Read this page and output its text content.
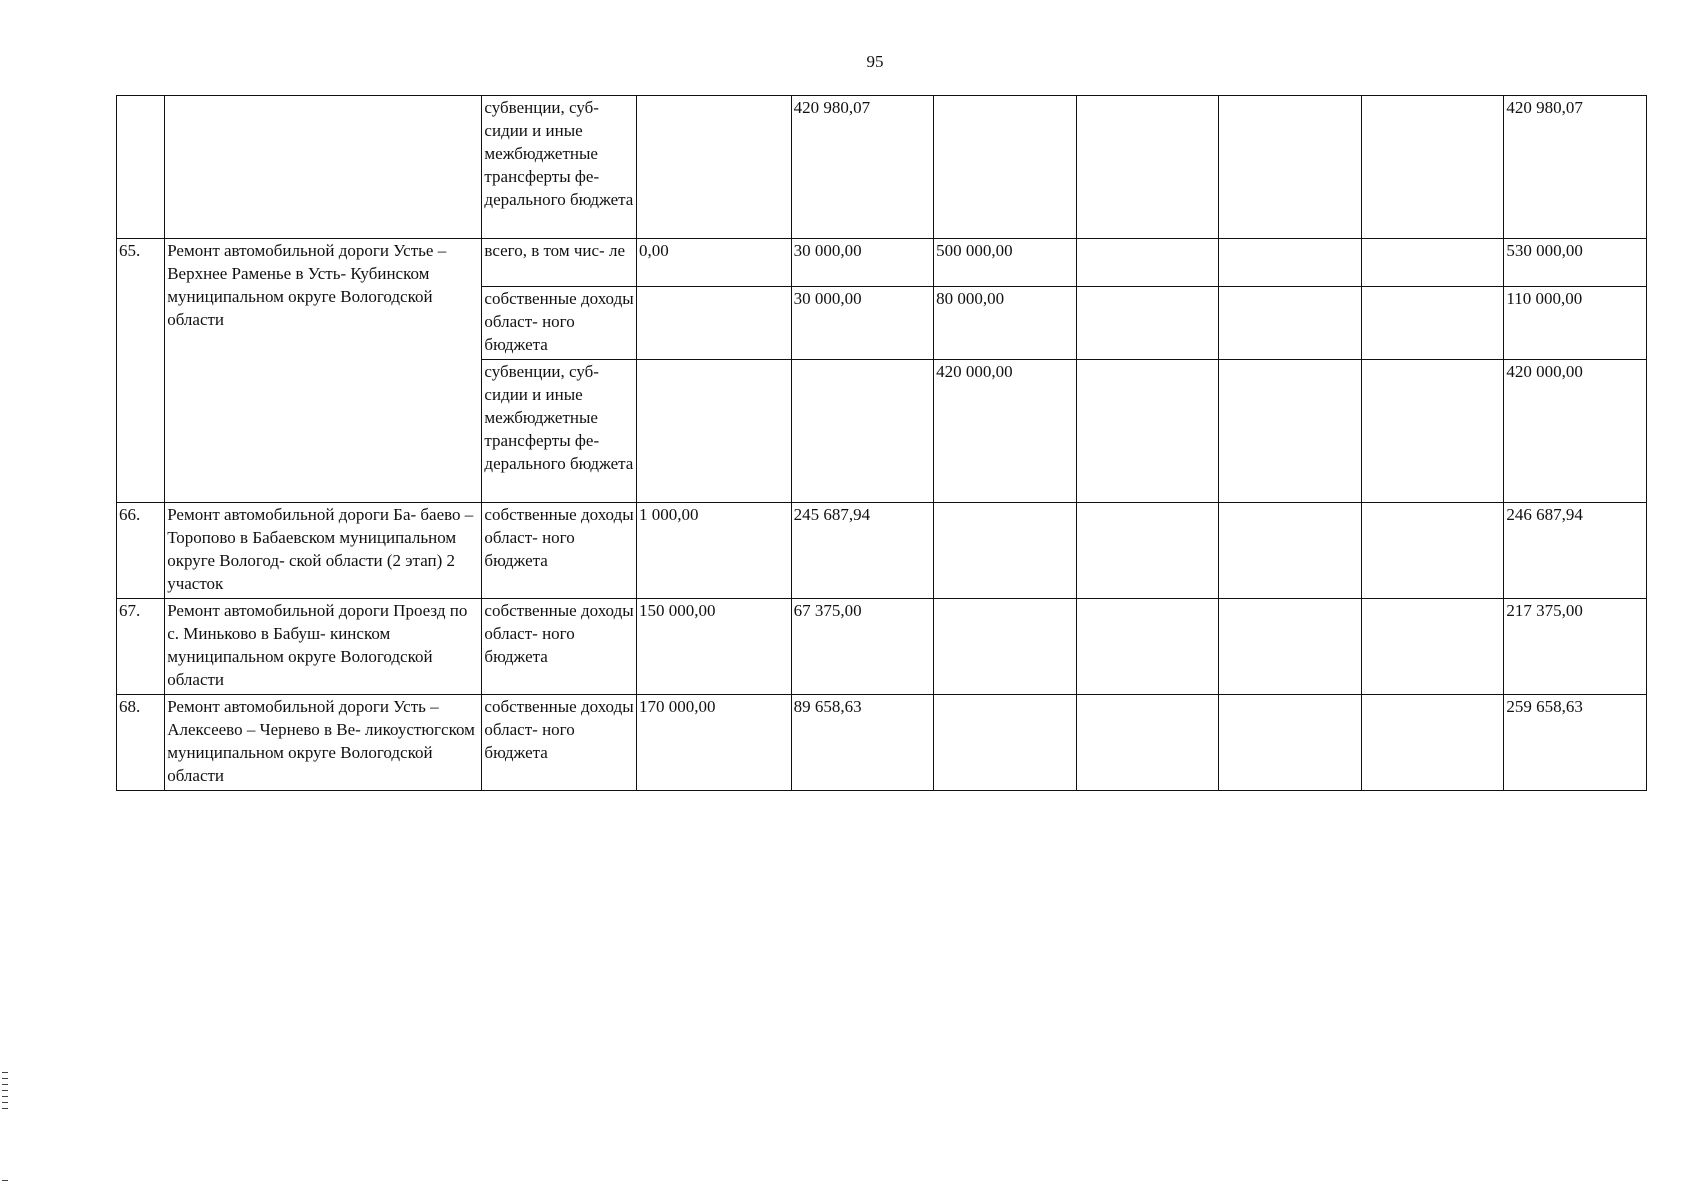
95
		субвенции, суб- сидии и иные межбюджетные трансферты фе- дерального бюджета		420 980,07					420 980,07
65.	Ремонт автомобильной дороги Устье – Верхнее Раменье в Усть- Кубинском муниципальном округе Вологодской области	всего, в том чис- ле	0,00	30 000,00	500 000,00				530 000,00
		собственные доходы област- ного бюджета		30 000,00	80 000,00				110 000,00
		субвенции, суб- сидии и иные межбюджетные трансферты фе- дерального бюджета			420 000,00				420 000,00
66.	Ремонт автомобильной дороги Ба- баево – Торопово в Бабаевском муниципальном округе Вологод- ской области (2 этап) 2 участок	собственные доходы област- ного бюджета	1 000,00	245 687,94					246 687,94
67.	Ремонт автомобильной дороги Проезд по с. Миньково в Бабуш- кинском муниципальном округе Вологодской области	собственные доходы област- ного бюджета	150 000,00	67 375,00					217 375,00
68.	Ремонт автомобильной дороги Усть – Алексеево – Чернево в Ве- ликоустюгском муниципальном округе Вологодской области	собственные доходы област- ного бюджета	170 000,00	89 658,63					259 658,63
